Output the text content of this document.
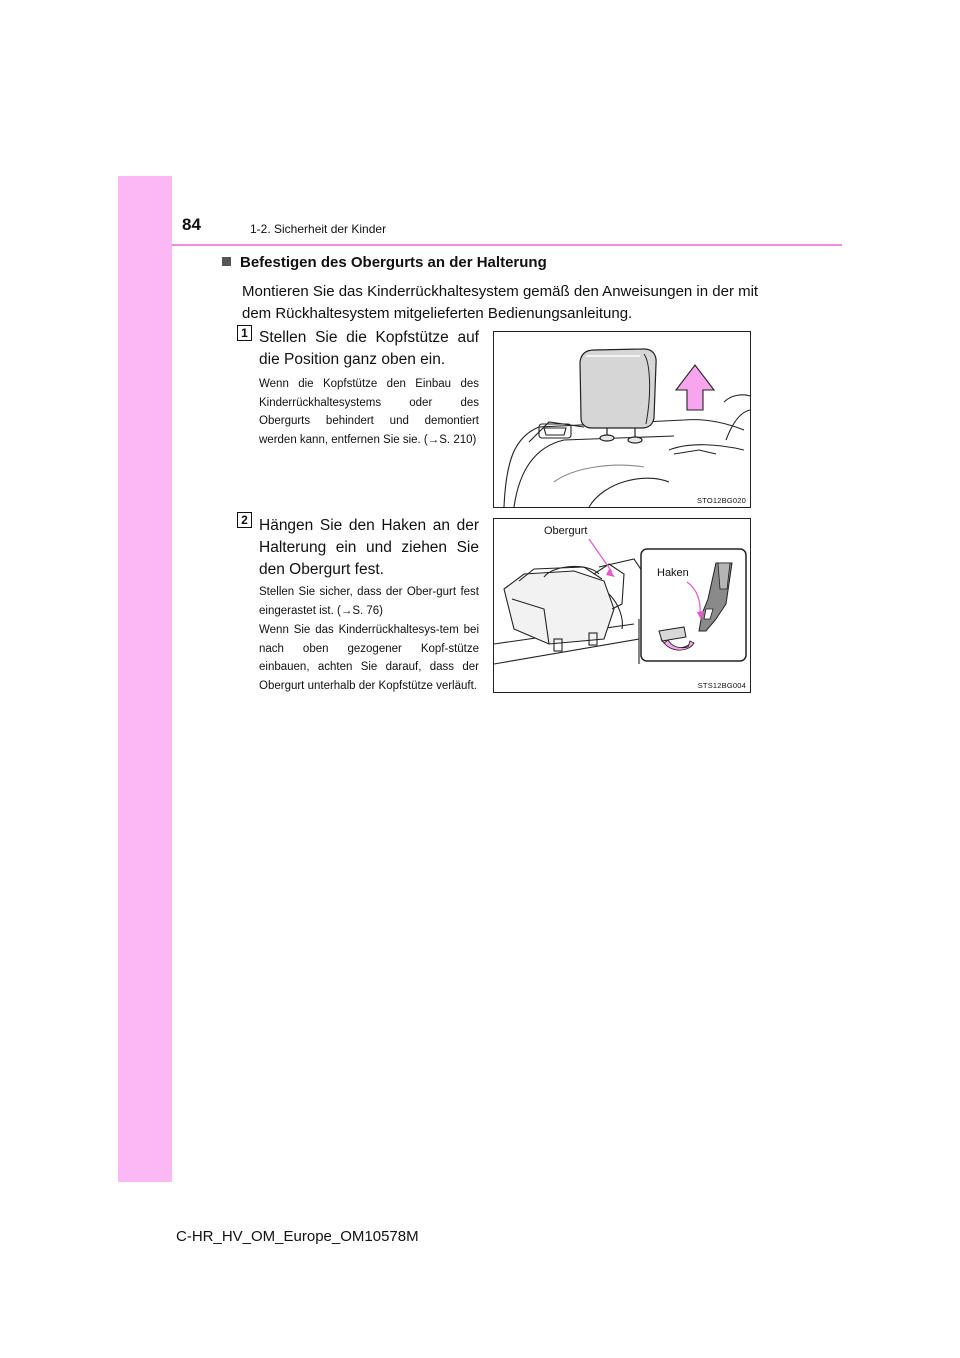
84	1-2. Sicherheit der Kinder
Befestigen des Obergurts an der Halterung

Montieren Sie das Kinderrückhaltesystem gemäß den Anweisungen in der mit dem Rückhaltesystem mitgelieferten Bedienungsanleitung.

1 Stellen Sie die Kopfstütze auf die Position ganz oben ein.

Wenn die Kopfstütze den Einbau des Kinderrückhaltesystems oder des Obergurts behindert und demontiert werden kann, entfernen Sie sie. (→S. 210)

STO12BG020
2 Hängen Sie den Haken an der Halterung ein und ziehen Sie den Obergurt fest.

Stellen Sie sicher, dass der Ober-gurt fest eingerastet ist. (→S. 76)

Wenn Sie das Kinderrückhaltesys-tem bei nach oben gezogener Kopf-stütze einbauen, achten Sie darauf, dass der Obergurt unterhalb der Kopfstütze verläuft.

Obergurt
Haken
STS12BG004
C-HR_HV_OM_Europe_OM10578M
